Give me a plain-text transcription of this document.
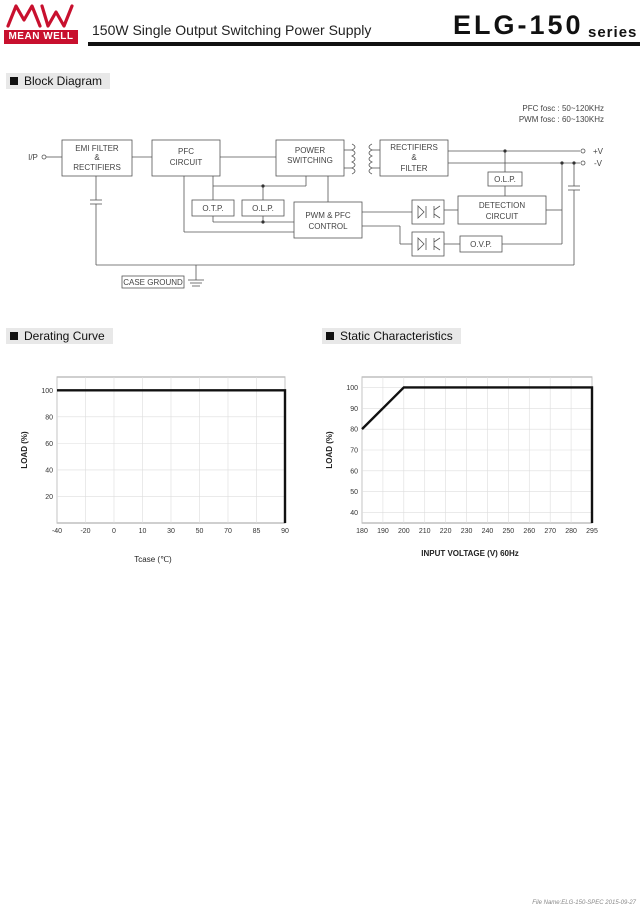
MEAN WELL	150W Single Output Switching Power Supply	ELG-150 series
Block Diagram
PFC fosc : 50~120KHz
PWM fosc : 60~130KHz
I/P
EMI FILTER
&
RECTIFIERS
PFC
CIRCUIT
POWER
SWITCHING
RECTIFIERS
&
FILTER
+V
-V
O.T.P.	O.L.P.
O.L.P.
PWM & PFC
CONTROL
DETECTION
CIRCUIT
O.V.P.
CASE GROUND
Derating Curve	Static Characteristics
-40	-20	0	10	30	50	70	85	90
20
40
60
80
100
LOAD (%)
Tcase (℃)
180 190 200 210 220 230 240 250 260 270 280 295
40
50
60
70
80
90
100
LOAD (%)
INPUT VOLTAGE (V) 60Hz
File Name:ELG-150-SPEC 2015-09-27
